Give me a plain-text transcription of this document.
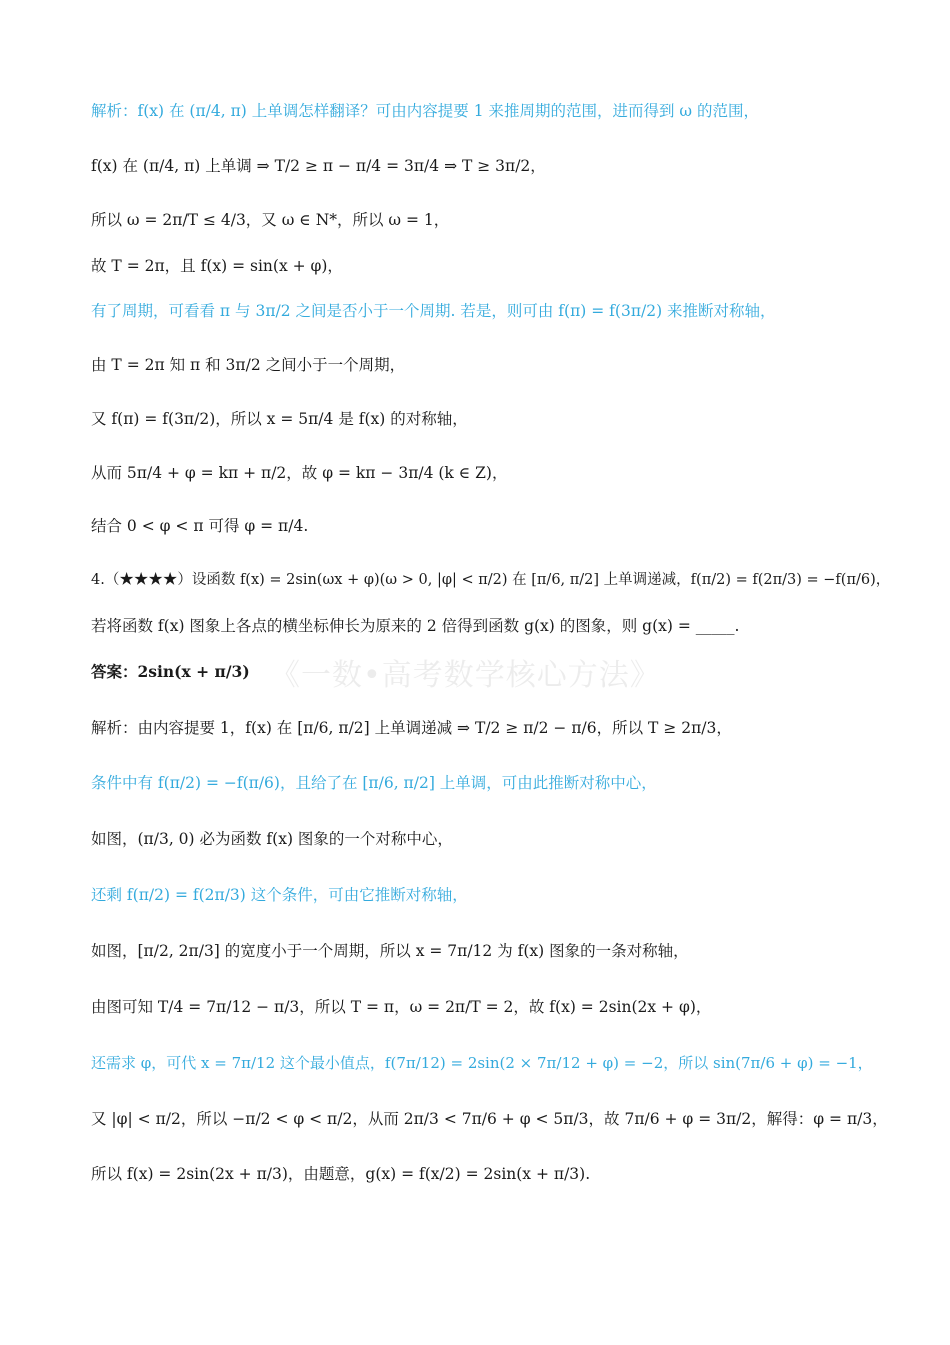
《一数•高考数学核心方法》
解析：f(x) 在 (π/4, π) 上单调怎样翻译？可由内容提要 1 来推周期的范围，进而得到 ω 的范围，
f(x) 在 (π/4, π) 上单调 ⇒ T/2 ≥ π − π/4 = 3π/4 ⇒ T ≥ 3π/2，
所以 ω = 2π/T ≤ 4/3，又 ω ∈ N*，所以 ω = 1，
故 T = 2π，且 f(x) = sin(x + φ)，
有了周期，可看看 π 与 3π/2 之间是否小于一个周期. 若是，则可由 f(π) = f(3π/2) 来推断对称轴，
由 T = 2π 知 π 和 3π/2 之间小于一个周期，
又 f(π) = f(3π/2)，所以 x = 5π/4 是 f(x) 的对称轴，
从而 5π/4 + φ = kπ + π/2，故 φ = kπ − 3π/4 (k ∈ Z)，
结合 0 < φ < π 可得 φ = π/4.
4.（★★★★）设函数 f(x) = 2sin(ωx + φ)(ω > 0, |φ| < π/2) 在 [π/6, π/2] 上单调递减，f(π/2) = f(2π/3) = −f(π/6)，
若将函数 f(x) 图象上各点的横坐标伸长为原来的 2 倍得到函数 g(x) 的图象，则 g(x) = _____.
答案：2sin(x + π/3)
解析：由内容提要 1，f(x) 在 [π/6, π/2] 上单调递减 ⇒ T/2 ≥ π/2 − π/6，所以 T ≥ 2π/3，
条件中有 f(π/2) = −f(π/6)，且给了在 [π/6, π/2] 上单调，可由此推断对称中心，
如图，(π/3, 0) 必为函数 f(x) 图象的一个对称中心，
还剩 f(π/2) = f(2π/3) 这个条件，可由它推断对称轴，
如图，[π/2, 2π/3] 的宽度小于一个周期，所以 x = 7π/12 为 f(x) 图象的一条对称轴，
由图可知 T/4 = 7π/12 − π/3，所以 T = π，ω = 2π/T = 2，故 f(x) = 2sin(2x + φ)，
还需求 φ，可代 x = 7π/12 这个最小值点，f(7π/12) = 2sin(2 × 7π/12 + φ) = −2，所以 sin(7π/6 + φ) = −1，
又 |φ| < π/2，所以 −π/2 < φ < π/2，从而 2π/3 < 7π/6 + φ < 5π/3，故 7π/6 + φ = 3π/2，解得：φ = π/3，
所以 f(x) = 2sin(2x + π/3)，由题意，g(x) = f(x/2) = 2sin(x + π/3).
